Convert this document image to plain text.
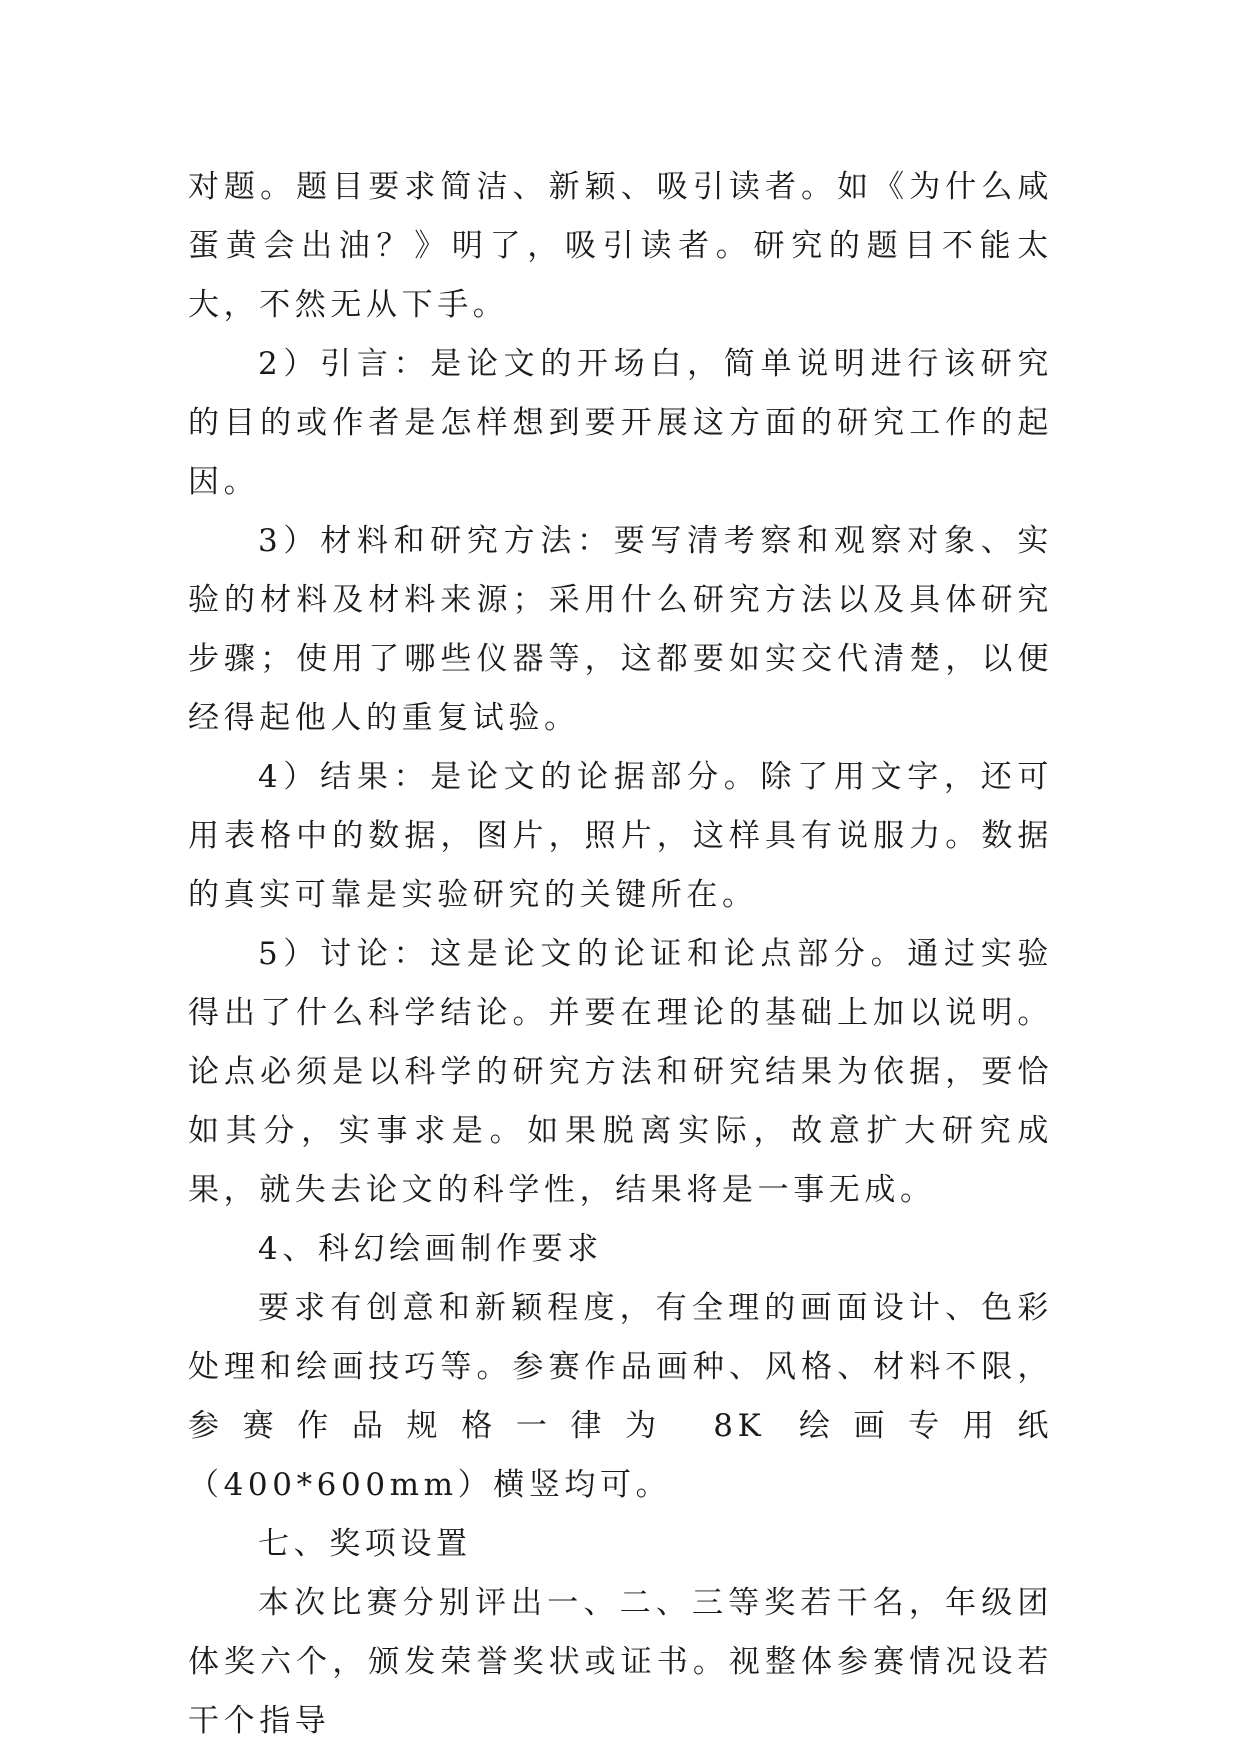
对题。题目要求简洁、新颖、吸引读者。如《为什么咸蛋黄会出油？》明了，吸引读者。研究的题目不能太大，不然无从下手。

2）引言：是论文的开场白，简单说明进行该研究的目的或作者是怎样想到要开展这方面的研究工作的起因。

3）材料和研究方法：要写清考察和观察对象、实验的材料及材料来源；采用什么研究方法以及具体研究步骤；使用了哪些仪器等，这都要如实交代清楚，以便经得起他人的重复试验。

4）结果：是论文的论据部分。除了用文字，还可用表格中的数据，图片，照片，这样具有说服力。数据的真实可靠是实验研究的关键所在。

5）讨论：这是论文的论证和论点部分。通过实验得出了什么科学结论。并要在理论的基础上加以说明。论点必须是以科学的研究方法和研究结果为依据，要恰如其分，实事求是。如果脱离实际，故意扩大研究成果，就失去论文的科学性，结果将是一事无成。

4、科幻绘画制作要求

要求有创意和新颖程度，有全理的画面设计、色彩处理和绘画技巧等。参赛作品画种、风格、材料不限，参赛作品规格一律为 8K 绘画专用纸（400*600mm）横竖均可。

七、奖项设置

本次比赛分别评出一、二、三等奖若干名，年级团体奖六个，颁发荣誉奖状或证书。视整体参赛情况设若干个指导
